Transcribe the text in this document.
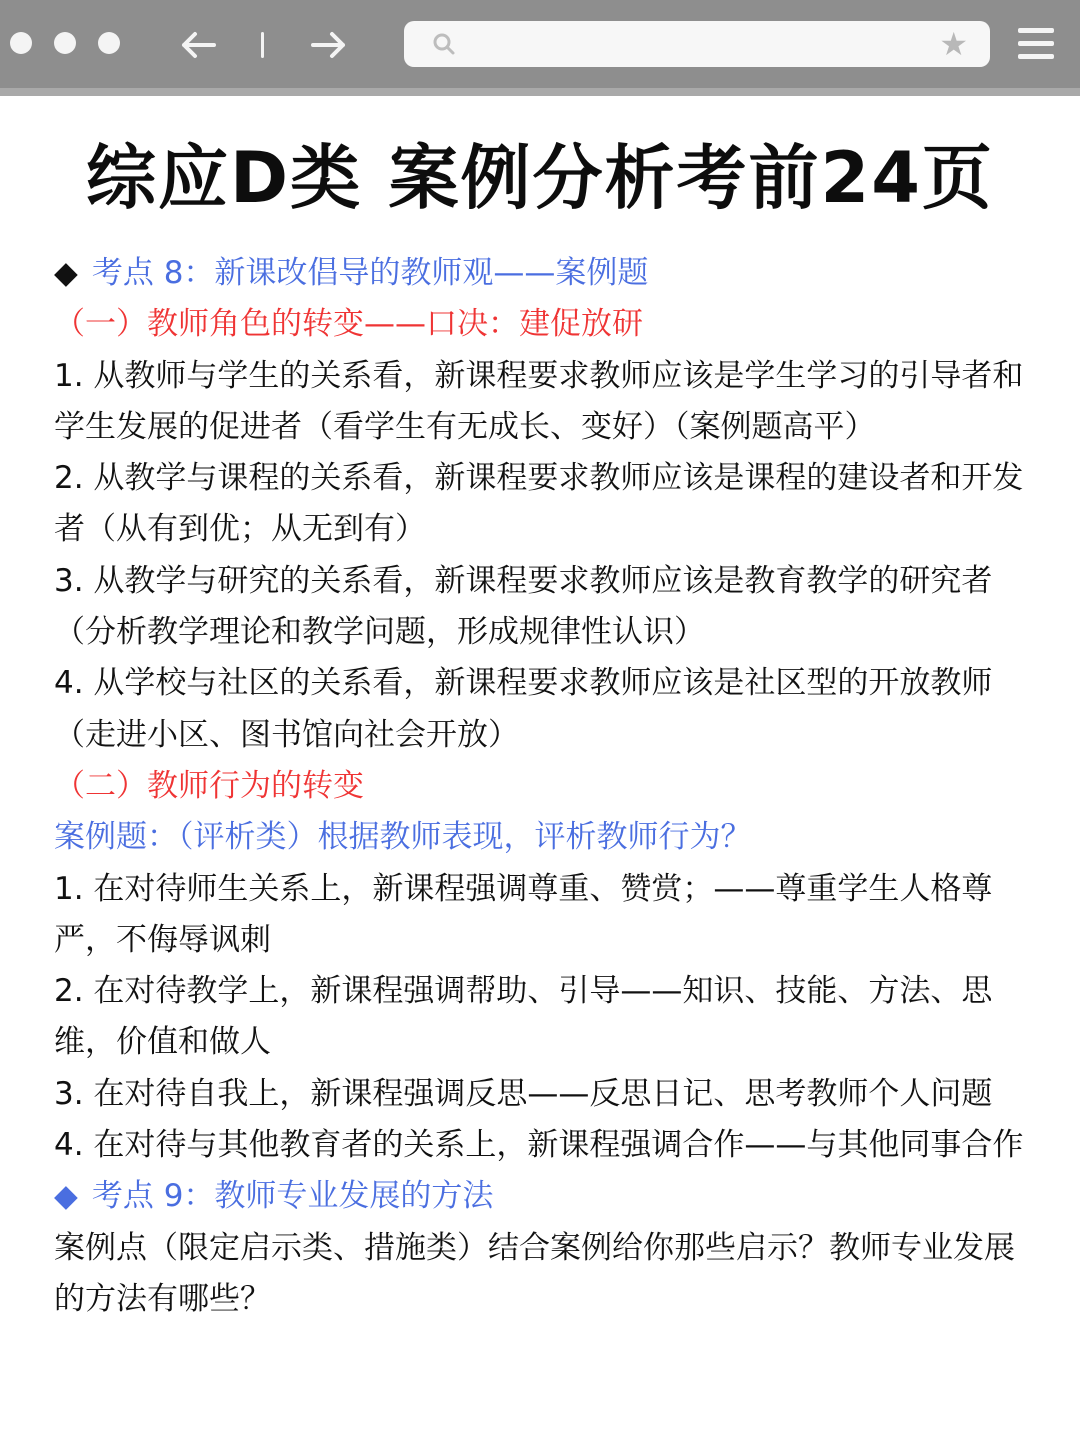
★
综应D类 案例分析考前24页

◆ 考点 8：新课改倡导的教师观——案例题

（一）教师角色的转变——口决：建促放研

1. 从教师与学生的关系看，新课程要求教师应该是学生学习的引导者和学生发展的促进者（看学生有无成长、变好）（案例题高平）

2. 从教学与课程的关系看，新课程要求教师应该是课程的建设者和开发者（从有到优；从无到有）

3. 从教学与研究的关系看，新课程要求教师应该是教育教学的研究者（分析教学理论和教学问题，形成规律性认识）

4. 从学校与社区的关系看，新课程要求教师应该是社区型的开放教师（走进小区、图书馆向社会开放）

（二）教师行为的转变

案例题：（评析类）根据教师表现，评析教师行为？

1. 在对待师生关系上，新课程强调尊重、赞赏；——尊重学生人格尊严，不侮辱讽刺

2. 在对待教学上，新课程强调帮助、引导——知识、技能、方法、思维，价值和做人

3. 在对待自我上，新课程强调反思——反思日记、思考教师个人问题

4. 在对待与其他教育者的关系上，新课程强调合作——与其他同事合作

◆ 考点 9：教师专业发展的方法

案例点（限定启示类、措施类）结合案例给你那些启示？教师专业发展的方法有哪些？
